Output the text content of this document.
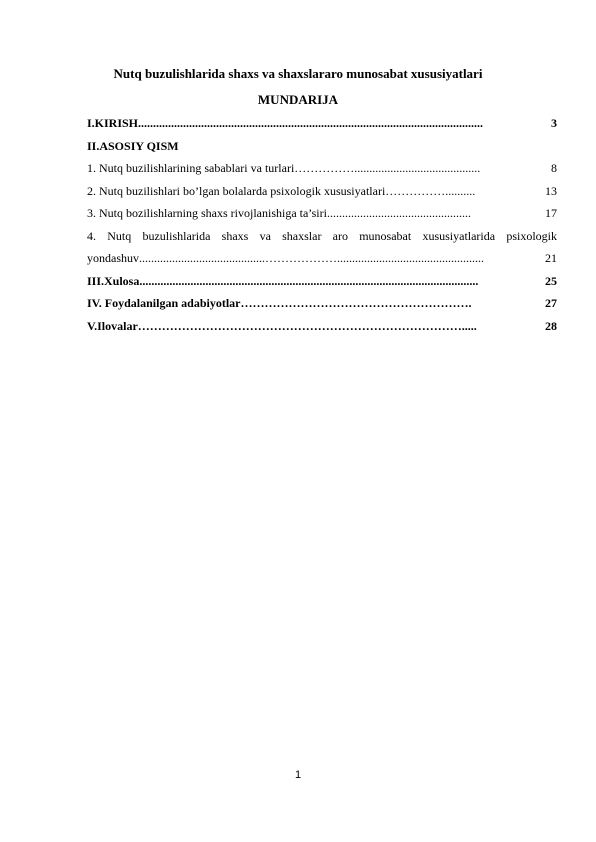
Nutq buzulishlarida shaxs va shaxslararo munosabat xususiyatlari
MUNDARIJA
I.KIRISH ...................................................................................................................	3
II.ASOSIY QISM
1. Nutq buzilishlarining sabablari va turlari ……………..........................................	8
2. Nutq buzilishlari bo’lgan bolalarda psixologik xususiyatlari ……………..........	13
3. Nutq bozilishlarning shaxs rivojlanishiga ta’siri ................................................	17
4. Nutq buzulishlarida shaxs va shaxslar aro munosabat xususiyatlarida psixologik
yondashuv ..........................................……………….................................................	21
III.Xulosa .................................................................................................................	25
IV. Foydalanilgan adabiyotlar ………………………………………………….	27
V.Ilovalar ……………………………………………………………………….....	28
1
